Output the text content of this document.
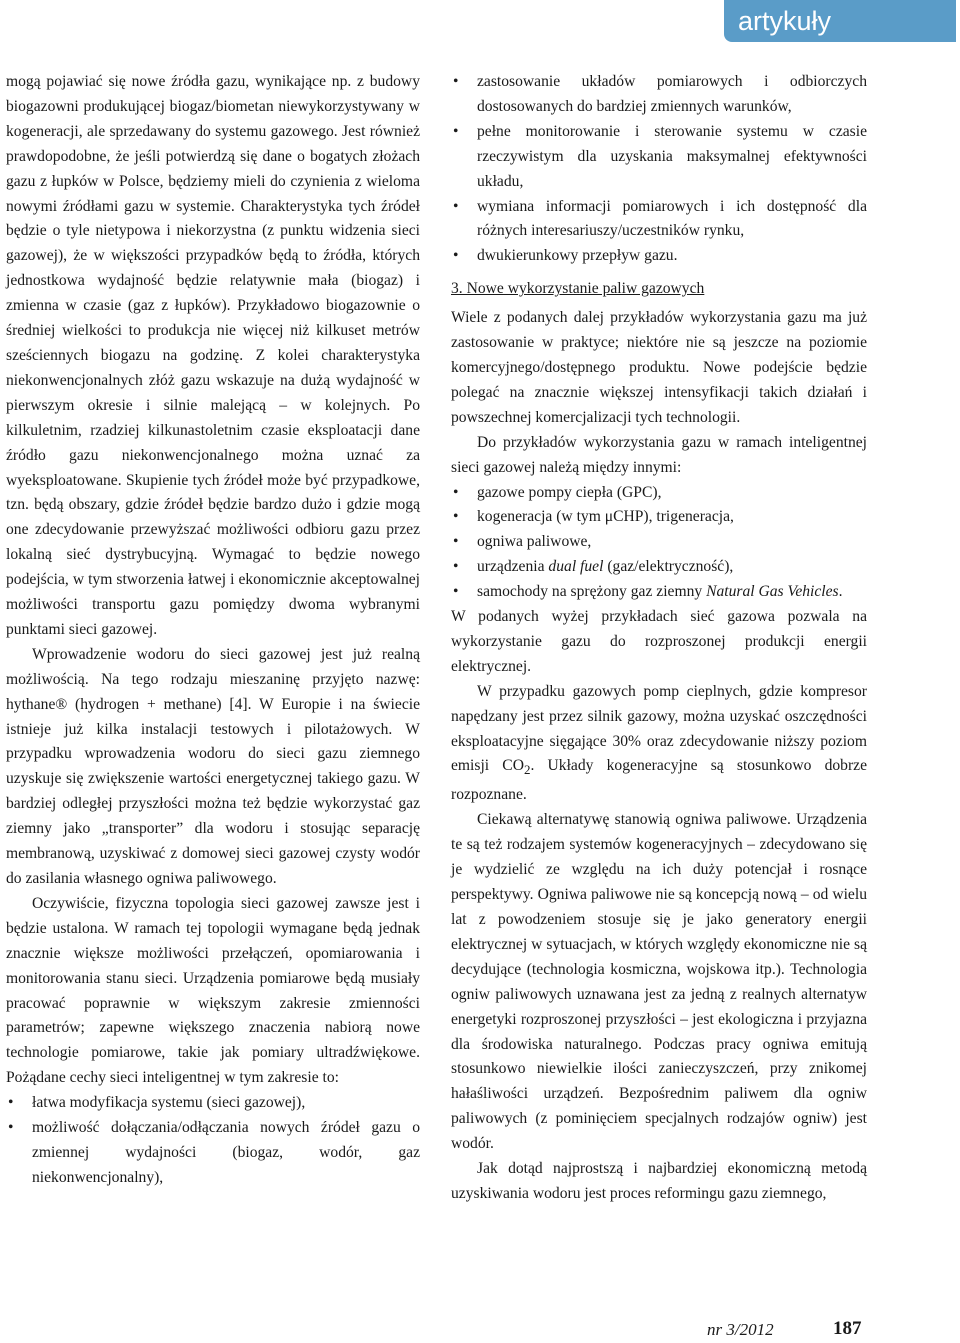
artykuły

mogą pojawiać się nowe źródła gazu, wynikające np. z budowy biogazowni produkującej biogaz/biometan niewykorzystywany w kogeneracji, ale sprzedawany do systemu gazowego. Jest również prawdopodobne, że jeśli potwierdzą się dane o bogatych złożach gazu z łupków w Polsce, będziemy mieli do czynienia z wieloma nowymi źródłami gazu w systemie. Charakterystyka tych źródeł będzie o tyle nietypowa i niekorzystna (z punktu widzenia sieci gazowej), że w większości przypadków będą to źródła, których jednostkowa wydajność będzie relatywnie mała (biogaz) i zmienna w czasie (gaz z łupków). Przykładowo biogazownie o średniej wielkości to produkcja nie więcej niż kilkuset metrów sześciennych biogazu na godzinę. Z kolei charakterystyka niekonwencjonalnych złóż gazu wskazuje na dużą wydajność w pierwszym okresie i silnie malejącą – w kolejnych. Po kilkuletnim, rzadziej kilkunastoletnim czasie eksploatacji dane źródło gazu niekonwencjonalnego można uznać za wyeksploatowane. Skupienie tych źródeł może być przypadkowe, tzn. będą obszary, gdzie źródeł będzie bardzo dużo i gdzie mogą one zdecydowanie przewyższać możliwości odbioru gazu przez lokalną sieć dystrybucyjną. Wymagać to będzie nowego podejścia, w tym stworzenia łatwej i ekonomicznie akceptowalnej możliwości transportu gazu pomiędzy dwoma wybranymi punktami sieci gazowej.

Wprowadzenie wodoru do sieci gazowej jest już realną możliwością. Na tego rodzaju mieszaninę przyjęto nazwę: hythane® (hydrogen + methane) [4]. W Europie i na świecie istnieje już kilka instalacji testowych i pilotażowych. W przypadku wprowadzenia wodoru do sieci gazu ziemnego uzyskuje się zwiększenie wartości energetycznej takiego gazu. W bardziej odległej przyszłości można też będzie wykorzystać gaz ziemny jako „transporter” dla wodoru i stosując separację membranową, uzyskiwać z domowej sieci gazowej czysty wodór do zasilania własnego ogniwa paliwowego.

Oczywiście, fizyczna topologia sieci gazowej zawsze jest i będzie ustalona. W ramach tej topologii wymagane będą jednak znacznie większe możliwości przełączeń, opomiarowania i monitorowania stanu sieci. Urządzenia pomiarowe będą musiały pracować poprawnie w większym zakresie zmienności parametrów; zapewne większego znaczenia nabiorą nowe technologie pomiarowe, takie jak pomiary ultradźwiękowe. Pożądane cechy sieci inteligentnej w tym zakresie to:

• łatwa modyfikacja systemu (sieci gazowej),
• możliwość dołączania/odłączania nowych źródeł gazu o zmiennej wydajności (biogaz, wodór, gaz niekonwencjonalny),
• zastosowanie układów pomiarowych i odbiorczych dostosowanych do bardziej zmiennych warunków,
• pełne monitorowanie i sterowanie systemu w czasie rzeczywistym dla uzyskania maksymalnej efektywności układu,
• wymiana informacji pomiarowych i ich dostępność dla różnych interesariuszy/uczestników rynku,
• dwukierunkowy przepływ gazu.
3. Nowe wykorzystanie paliw gazowych

Wiele z podanych dalej przykładów wykorzystania gazu ma już zastosowanie w praktyce; niektóre nie są jeszcze na poziomie komercyjnego/dostępnego produktu. Nowe podejście będzie polegać na znacznie większej intensyfikacji takich działań i powszechnej komercjalizacji tych technologii.

Do przykładów wykorzystania gazu w ramach inteligentnej sieci gazowej należą między innymi:

• gazowe pompy ciepła (GPC),
• kogeneracja (w tym μCHP), trigeneracja,
• ogniwa paliwowe,
• urządzenia dual fuel (gaz/elektryczność),
• samochody na sprężony gaz ziemny Natural Gas Vehicles.

W podanych wyżej przykładach sieć gazowa pozwala na wykorzystanie gazu do rozproszonej produkcji energii elektrycznej.

W przypadku gazowych pomp cieplnych, gdzie kompresor napędzany jest przez silnik gazowy, można uzyskać oszczędności eksploatacyjne sięgające 30% oraz zdecydowanie niższy poziom emisji $CO_2$. Układy kogeneracyjne są stosunkowo dobrze rozpoznane.

Ciekawą alternatywę stanowią ogniwa paliwowe. Urządzenia te są też rodzajem systemów kogeneracyjnych – zdecydowano się je wydzielić ze względu na ich duży potencjał i rosnące perspektywy. Ogniwa paliwowe nie są koncepcją nową – od wielu lat z powodzeniem stosuje się je jako generatory energii elektrycznej w sytuacjach, w których względy ekonomiczne nie są decydujące (technologia kosmiczna, wojskowa itp.). Technologia ogniw paliwowych uznawana jest za jedną z realnych alternatyw energetyki rozproszonej przyszłości – jest ekologiczna i przyjazna dla środowiska naturalnego. Podczas pracy ogniwa emitują stosunkowo niewielkie ilości zanieczyszczeń, przy znikomej hałaśliwości urządzeń. Bezpośrednim paliwem dla ogniw paliwowych (z pominięciem specjalnych rodzajów ogniw) jest wodór.

Jak dotąd najprostszą i najbardziej ekonomiczną metodą uzyskiwania wodoru jest proces reformingu gazu ziemnego,

nr 3/2012	187
